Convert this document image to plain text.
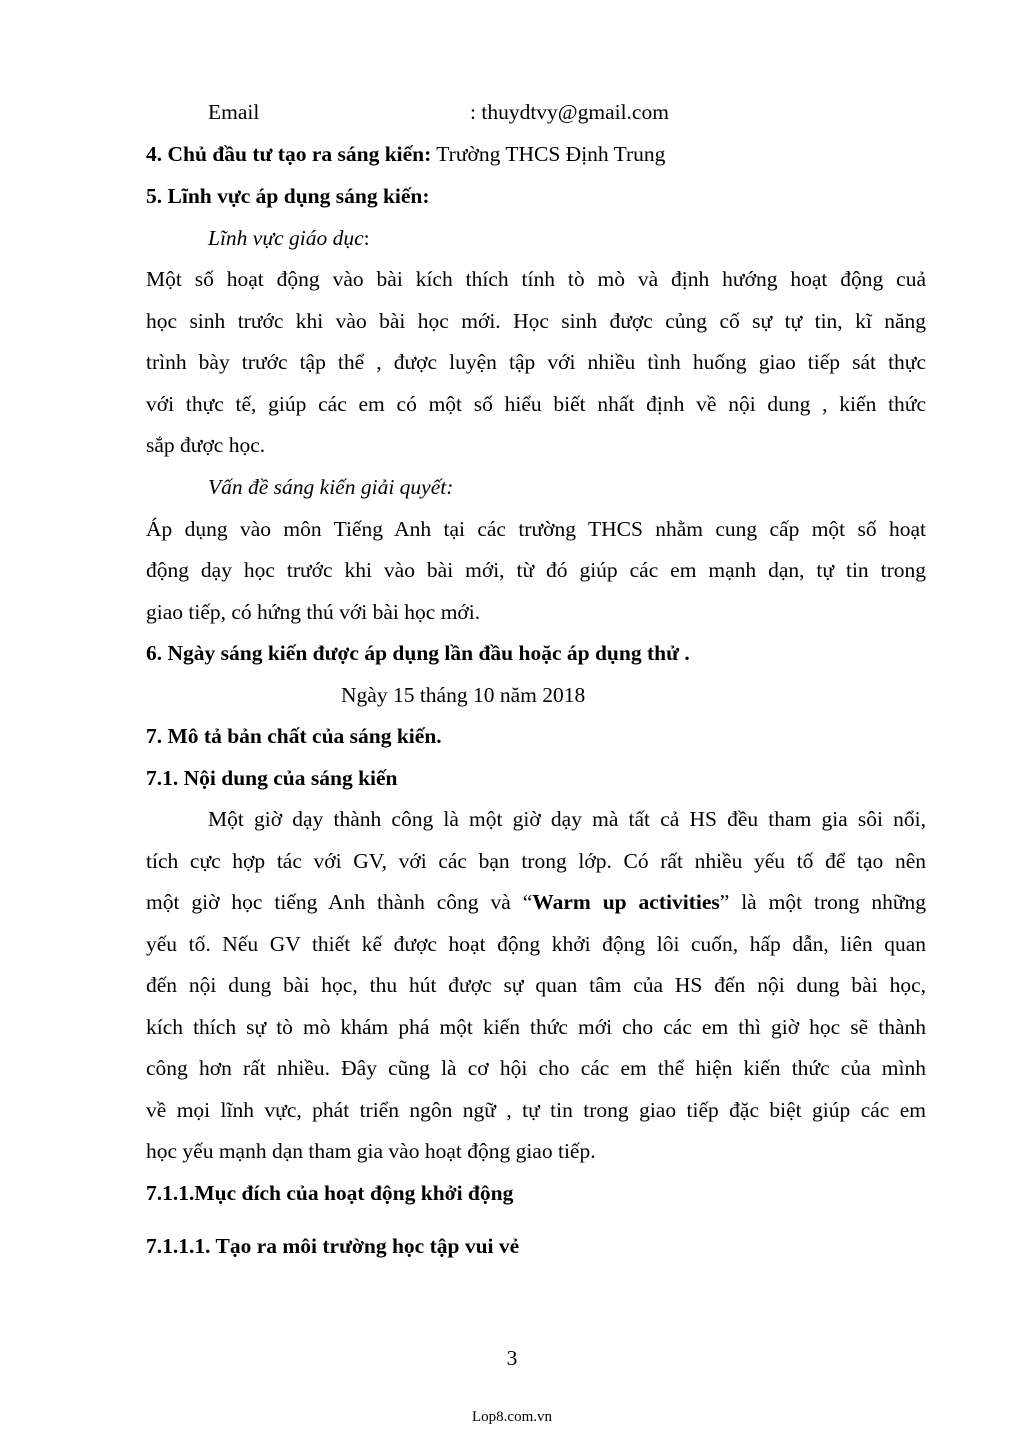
Email	: thuydtvy@gmail.com
4. Chủ đầu tư tạo ra sáng kiến: Trường THCS Định Trung
5. Lĩnh vực áp dụng sáng kiến:
Lĩnh vực giáo dục:
Một số hoạt động vào bài kích thích tính tò mò và định hướng hoạt động cuả
học sinh trước khi vào bài học mới. Học sinh được củng cố sự tự tin, kĩ năng
trình bày trước tập thể , được luyện tập với nhiều tình huống giao tiếp sát thực
với thực tế, giúp các em có một số hiểu biết nhất định về nội dung , kiến thức
sắp được học.
Vấn đề sáng kiến giải quyết:
Áp dụng vào môn Tiếng Anh tại các trường THCS nhằm cung cấp một số hoạt
động dạy học trước khi vào bài mới, từ đó giúp các em mạnh dạn, tự tin trong
giao tiếp, có hứng thú với bài học mới.
6. Ngày sáng kiến được áp dụng lần đầu hoặc áp dụng thử .
Ngày 15 tháng 10 năm 2018
7. Mô tả bản chất của sáng kiến.
7.1. Nội dung của sáng kiến
Một giờ dạy thành công là một giờ dạy mà tất cả HS đều tham gia sôi nổi,
tích cực hợp tác với GV, với các bạn trong lớp. Có rất nhiều yếu tố để tạo nên
một giờ học tiếng Anh thành công và “Warm up activities” là một trong những
yếu tố. Nếu GV thiết kế được hoạt động khởi động lôi cuốn, hấp dẫn, liên quan
đến nội dung bài học, thu hút được sự quan tâm của HS đến nội dung bài học,
kích thích sự tò mò khám phá một kiến thức mới cho các em thì giờ học sẽ thành
công hơn rất nhiều. Đây cũng là cơ hội cho các em thể hiện kiến thức của mình
về mọi lĩnh vực, phát triển ngôn ngữ , tự tin trong giao tiếp đặc biệt giúp các em
học yếu mạnh dạn tham gia vào hoạt động giao tiếp.
7.1.1.Mục đích của hoạt động khởi động
7.1.1.1. Tạo ra môi trường học tập vui vẻ
3
Lop8.com.vn
